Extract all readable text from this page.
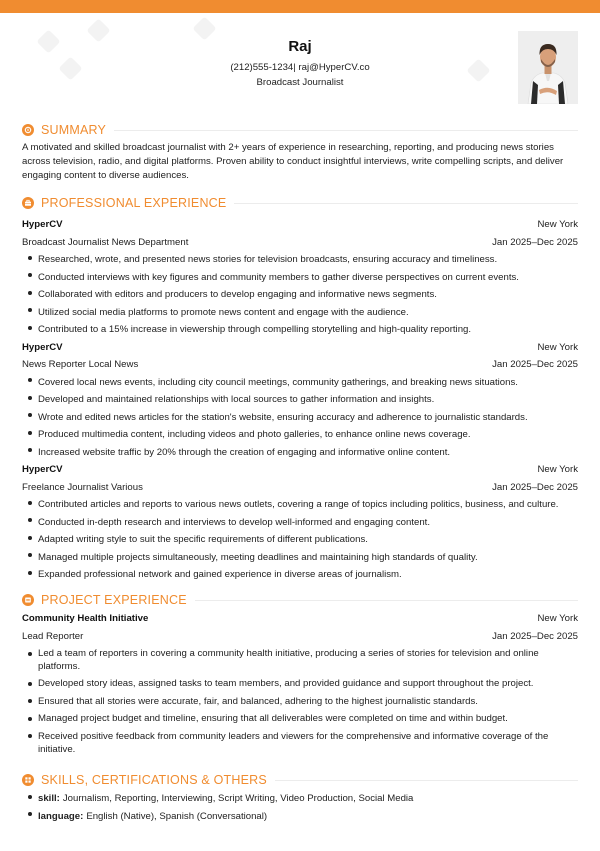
Raj
(212)555-1234| raj@HyperCV.co
Broadcast Journalist
SUMMARY
A motivated and skilled broadcast journalist with 2+ years of experience in researching, reporting, and producing news stories across television, radio, and digital platforms. Proven ability to conduct insightful interviews, write compelling scripts, and deliver engaging content to diverse audiences.
PROFESSIONAL EXPERIENCE
HyperCV	New York
Broadcast Journalist News Department	Jan 2025–Dec 2025
Researched, wrote, and presented news stories for television broadcasts, ensuring accuracy and timeliness.
Conducted interviews with key figures and community members to gather diverse perspectives on current events.
Collaborated with editors and producers to develop engaging and informative news segments.
Utilized social media platforms to promote news content and engage with the audience.
Contributed to a 15% increase in viewership through compelling storytelling and high-quality reporting.
HyperCV	New York
News Reporter Local News	Jan 2025–Dec 2025
Covered local news events, including city council meetings, community gatherings, and breaking news situations.
Developed and maintained relationships with local sources to gather information and insights.
Wrote and edited news articles for the station's website, ensuring accuracy and adherence to journalistic standards.
Produced multimedia content, including videos and photo galleries, to enhance online news coverage.
Increased website traffic by 20% through the creation of engaging and informative online content.
HyperCV	New York
Freelance Journalist Various	Jan 2025–Dec 2025
Contributed articles and reports to various news outlets, covering a range of topics including politics, business, and culture.
Conducted in-depth research and interviews to develop well-informed and engaging content.
Adapted writing style to suit the specific requirements of different publications.
Managed multiple projects simultaneously, meeting deadlines and maintaining high standards of quality.
Expanded professional network and gained experience in diverse areas of journalism.
PROJECT EXPERIENCE
Community Health Initiative	New York
Lead Reporter	Jan 2025–Dec 2025
Led a team of reporters in covering a community health initiative, producing a series of stories for television and online platforms.
Developed story ideas, assigned tasks to team members, and provided guidance and support throughout the project.
Ensured that all stories were accurate, fair, and balanced, adhering to the highest journalistic standards.
Managed project budget and timeline, ensuring that all deliverables were completed on time and within budget.
Received positive feedback from community leaders and viewers for the comprehensive and informative coverage of the initiative.
SKILLS, CERTIFICATIONS & OTHERS
skill: Journalism, Reporting, Interviewing, Script Writing, Video Production, Social Media
language: English (Native), Spanish (Conversational)
